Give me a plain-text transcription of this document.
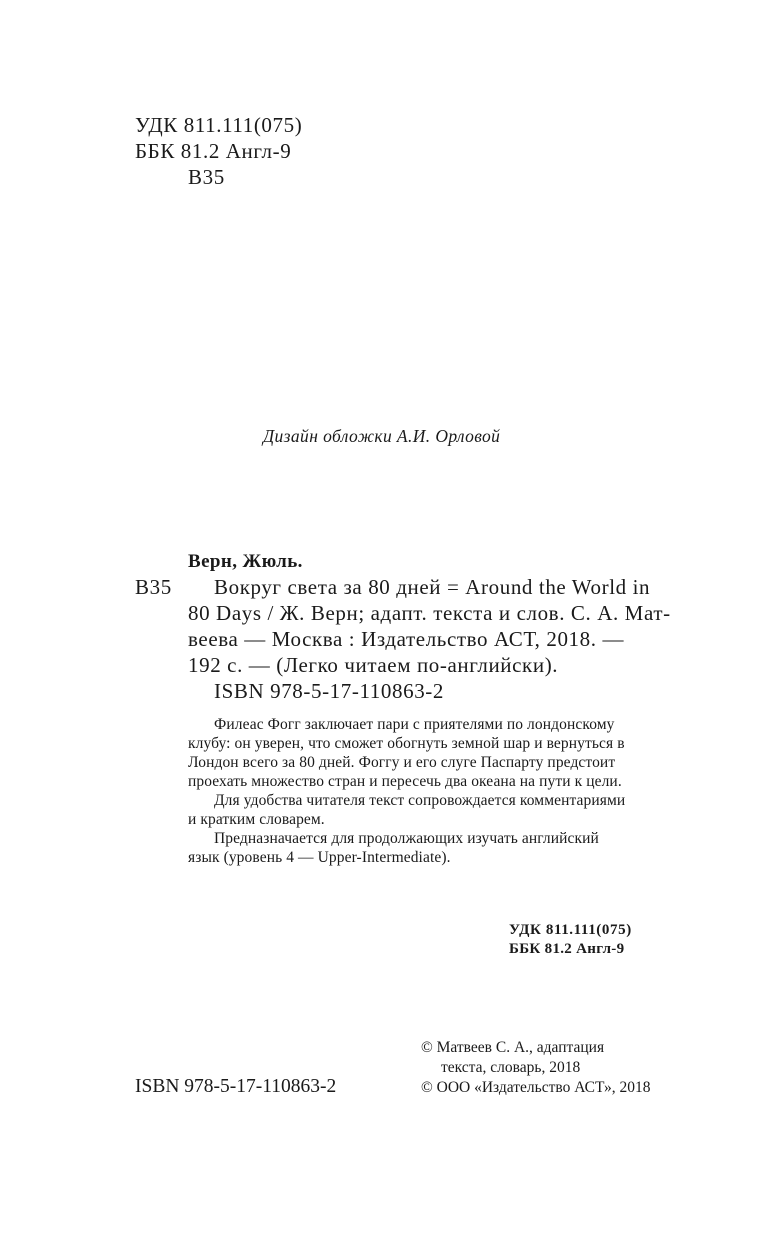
УДК 811.111(075)
ББК 81.2 Англ-9
В35
Дизайн обложки А.И. Орловой
Верн, Жюль.
В35 Вокруг света за 80 дней = Around the World in
80 Days / Ж. Верн; адапт. текста и слов. С. А. Мат-
веева — Москва : Издательство АСТ, 2018. —
192 с. — (Легко читаем по-английски).
ISBN 978-5-17-110863-2
Филеас Фогг заключает пари с приятелями по лондонскому
клубу: он уверен, что сможет обогнуть земной шар и вернуться в
Лондон всего за 80 дней. Фоггу и его слуге Паспарту предстоит
проехать множество стран и пересечь два океана на пути к цели.
Для удобства читателя текст сопровождается комментариями
и кратким словарем.
Предназначается для продолжающих изучать английский
язык (уровень 4 — Upper-Intermediate).
УДК 811.111(075)
ББК 81.2 Англ-9
© Матвеев С. А., адаптация
текста, словарь, 2018
© ООО «Издательство АСТ», 2018
ISBN 978-5-17-110863-2
